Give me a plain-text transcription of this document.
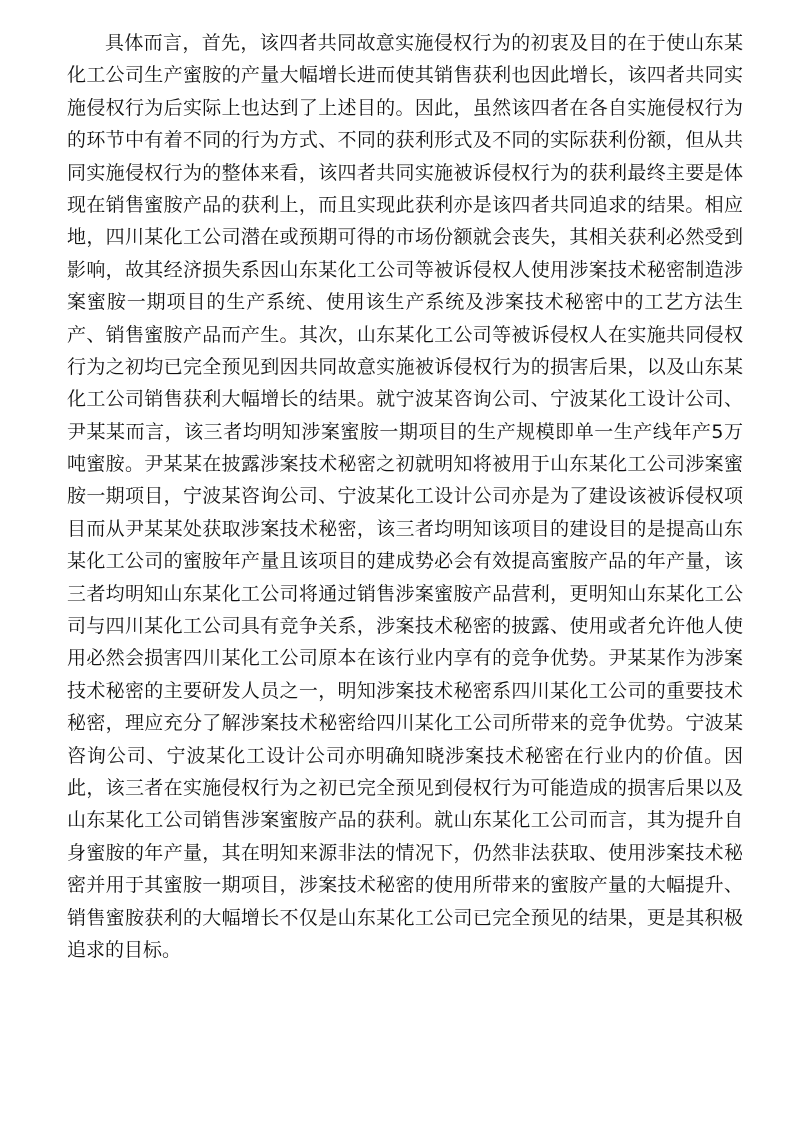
具体而言，首先，该四者共同故意实施侵权行为的初衷及目的在于使山东某
化工公司生产蜜胺的产量大幅增长进而使其销售获利也因此增长，该四者共同实
施侵权行为后实际上也达到了上述目的。因此，虽然该四者在各自实施侵权行为
的环节中有着不同的行为方式、不同的获利形式及不同的实际获利份额，但从共
同实施侵权行为的整体来看，该四者共同实施被诉侵权行为的获利最终主要是体
现在销售蜜胺产品的获利上，而且实现此获利亦是该四者共同追求的结果。相应
地，四川某化工公司潜在或预期可得的市场份额就会丧失，其相关获利必然受到
影响，故其经济损失系因山东某化工公司等被诉侵权人使用涉案技术秘密制造涉
案蜜胺一期项目的生产系统、使用该生产系统及涉案技术秘密中的工艺方法生
产、销售蜜胺产品而产生。其次，山东某化工公司等被诉侵权人在实施共同侵权
行为之初均已完全预见到因共同故意实施被诉侵权行为的损害后果，以及山东某
化工公司销售获利大幅增长的结果。就宁波某咨询公司、宁波某化工设计公司、
尹某某而言，该三者均明知涉案蜜胺一期项目的生产规模即单一生产线年产5万
吨蜜胺。尹某某在披露涉案技术秘密之初就明知将被用于山东某化工公司涉案蜜
胺一期项目，宁波某咨询公司、宁波某化工设计公司亦是为了建设该被诉侵权项
目而从尹某某处获取涉案技术秘密，该三者均明知该项目的建设目的是提高山东
某化工公司的蜜胺年产量且该项目的建成势必会有效提高蜜胺产品的年产量，该
三者均明知山东某化工公司将通过销售涉案蜜胺产品营利，更明知山东某化工公
司与四川某化工公司具有竞争关系，涉案技术秘密的披露、使用或者允许他人使
用必然会损害四川某化工公司原本在该行业内享有的竞争优势。尹某某作为涉案
技术秘密的主要研发人员之一，明知涉案技术秘密系四川某化工公司的重要技术
秘密，理应充分了解涉案技术秘密给四川某化工公司所带来的竞争优势。宁波某
咨询公司、宁波某化工设计公司亦明确知晓涉案技术秘密在行业内的价值。因
此，该三者在实施侵权行为之初已完全预见到侵权行为可能造成的损害后果以及
山东某化工公司销售涉案蜜胺产品的获利。就山东某化工公司而言，其为提升自
身蜜胺的年产量，其在明知来源非法的情况下，仍然非法获取、使用涉案技术秘
密并用于其蜜胺一期项目，涉案技术秘密的使用所带来的蜜胺产量的大幅提升、
销售蜜胺获利的大幅增长不仅是山东某化工公司已完全预见的结果，更是其积极
追求的目标。
